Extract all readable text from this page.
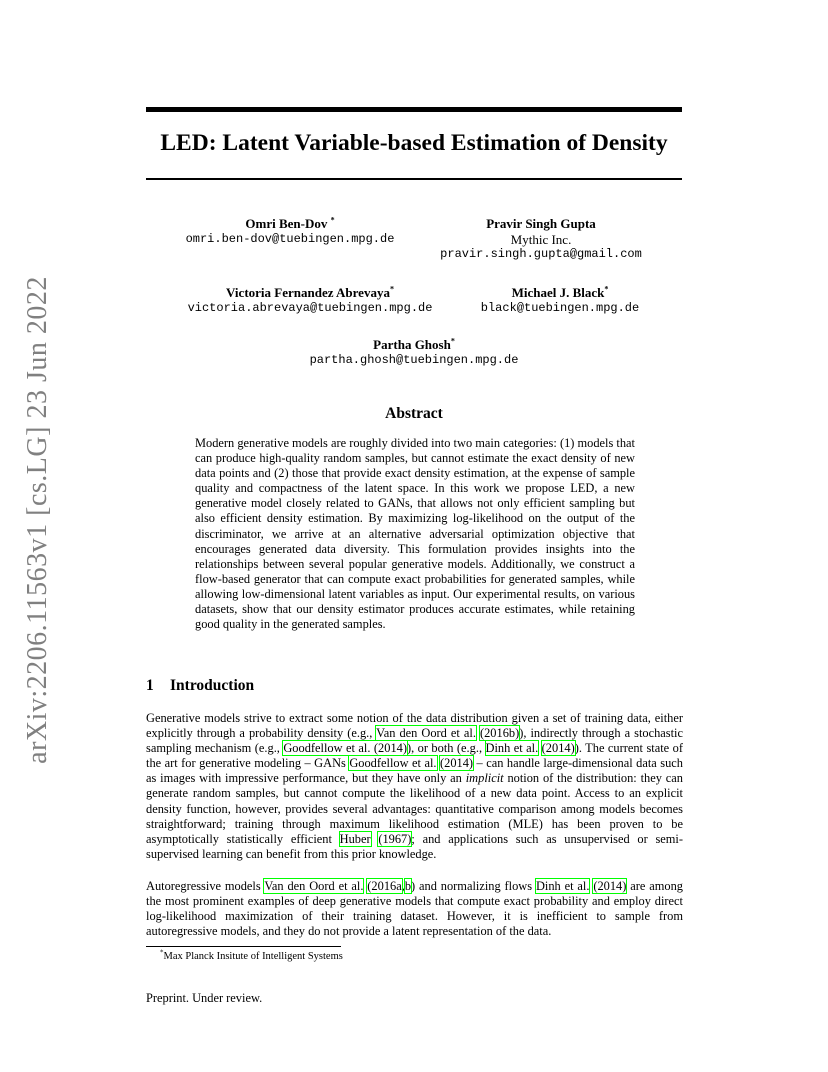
arXiv:2206.11563v1 [cs.LG] 23 Jun 2022
LED: Latent Variable-based Estimation of Density
Omri Ben-Dov *
omri.ben-dov@tuebingen.mpg.de
Pravir Singh Gupta
Mythic Inc.
pravir.singh.gupta@gmail.com
Victoria Fernandez Abrevaya*
victoria.abrevaya@tuebingen.mpg.de
Michael J. Black*
black@tuebingen.mpg.de
Partha Ghosh*
partha.ghosh@tuebingen.mpg.de
Abstract
Modern generative models are roughly divided into two main categories: (1) models that can produce high-quality random samples, but cannot estimate the exact density of new data points and (2) those that provide exact density estimation, at the expense of sample quality and compactness of the latent space. In this work we propose LED, a new generative model closely related to GANs, that allows not only efficient sampling but also efficient density estimation. By maximizing log-likelihood on the output of the discriminator, we arrive at an alternative adversarial optimization objective that encourages generated data diversity. This formulation provides insights into the relationships between several popular generative models. Additionally, we construct a flow-based generator that can compute exact probabilities for generated samples, while allowing low-dimensional latent variables as input. Our experimental results, on various datasets, show that our density estimator produces accurate estimates, while retaining good quality in the generated samples.
1 Introduction
Generative models strive to extract some notion of the data distribution given a set of training data, either explicitly through a probability density (e.g., Van den Oord et al. (2016b)), indirectly through a stochastic sampling mechanism (e.g., Goodfellow et al. (2014)), or both (e.g., Dinh et al. (2014)). The current state of the art for generative modeling – GANs Goodfellow et al. (2014) – can handle large-dimensional data such as images with impressive performance, but they have only an implicit notion of the distribution: they can generate random samples, but cannot compute the likelihood of a new data point. Access to an explicit density function, however, provides several advantages: quantitative comparison among models becomes straightforward; training through maximum likelihood estimation (MLE) has been proven to be asymptotically statistically efficient Huber (1967); and applications such as unsupervised or semi-supervised learning can benefit from this prior knowledge.
Autoregressive models Van den Oord et al. (2016a,b) and normalizing flows Dinh et al. (2014) are among the most prominent examples of deep generative models that compute exact probability and employ direct log-likelihood maximization of their training dataset. However, it is inefficient to sample from autoregressive models, and they do not provide a latent representation of the data.
*Max Planck Insitute of Intelligent Systems
Preprint. Under review.
